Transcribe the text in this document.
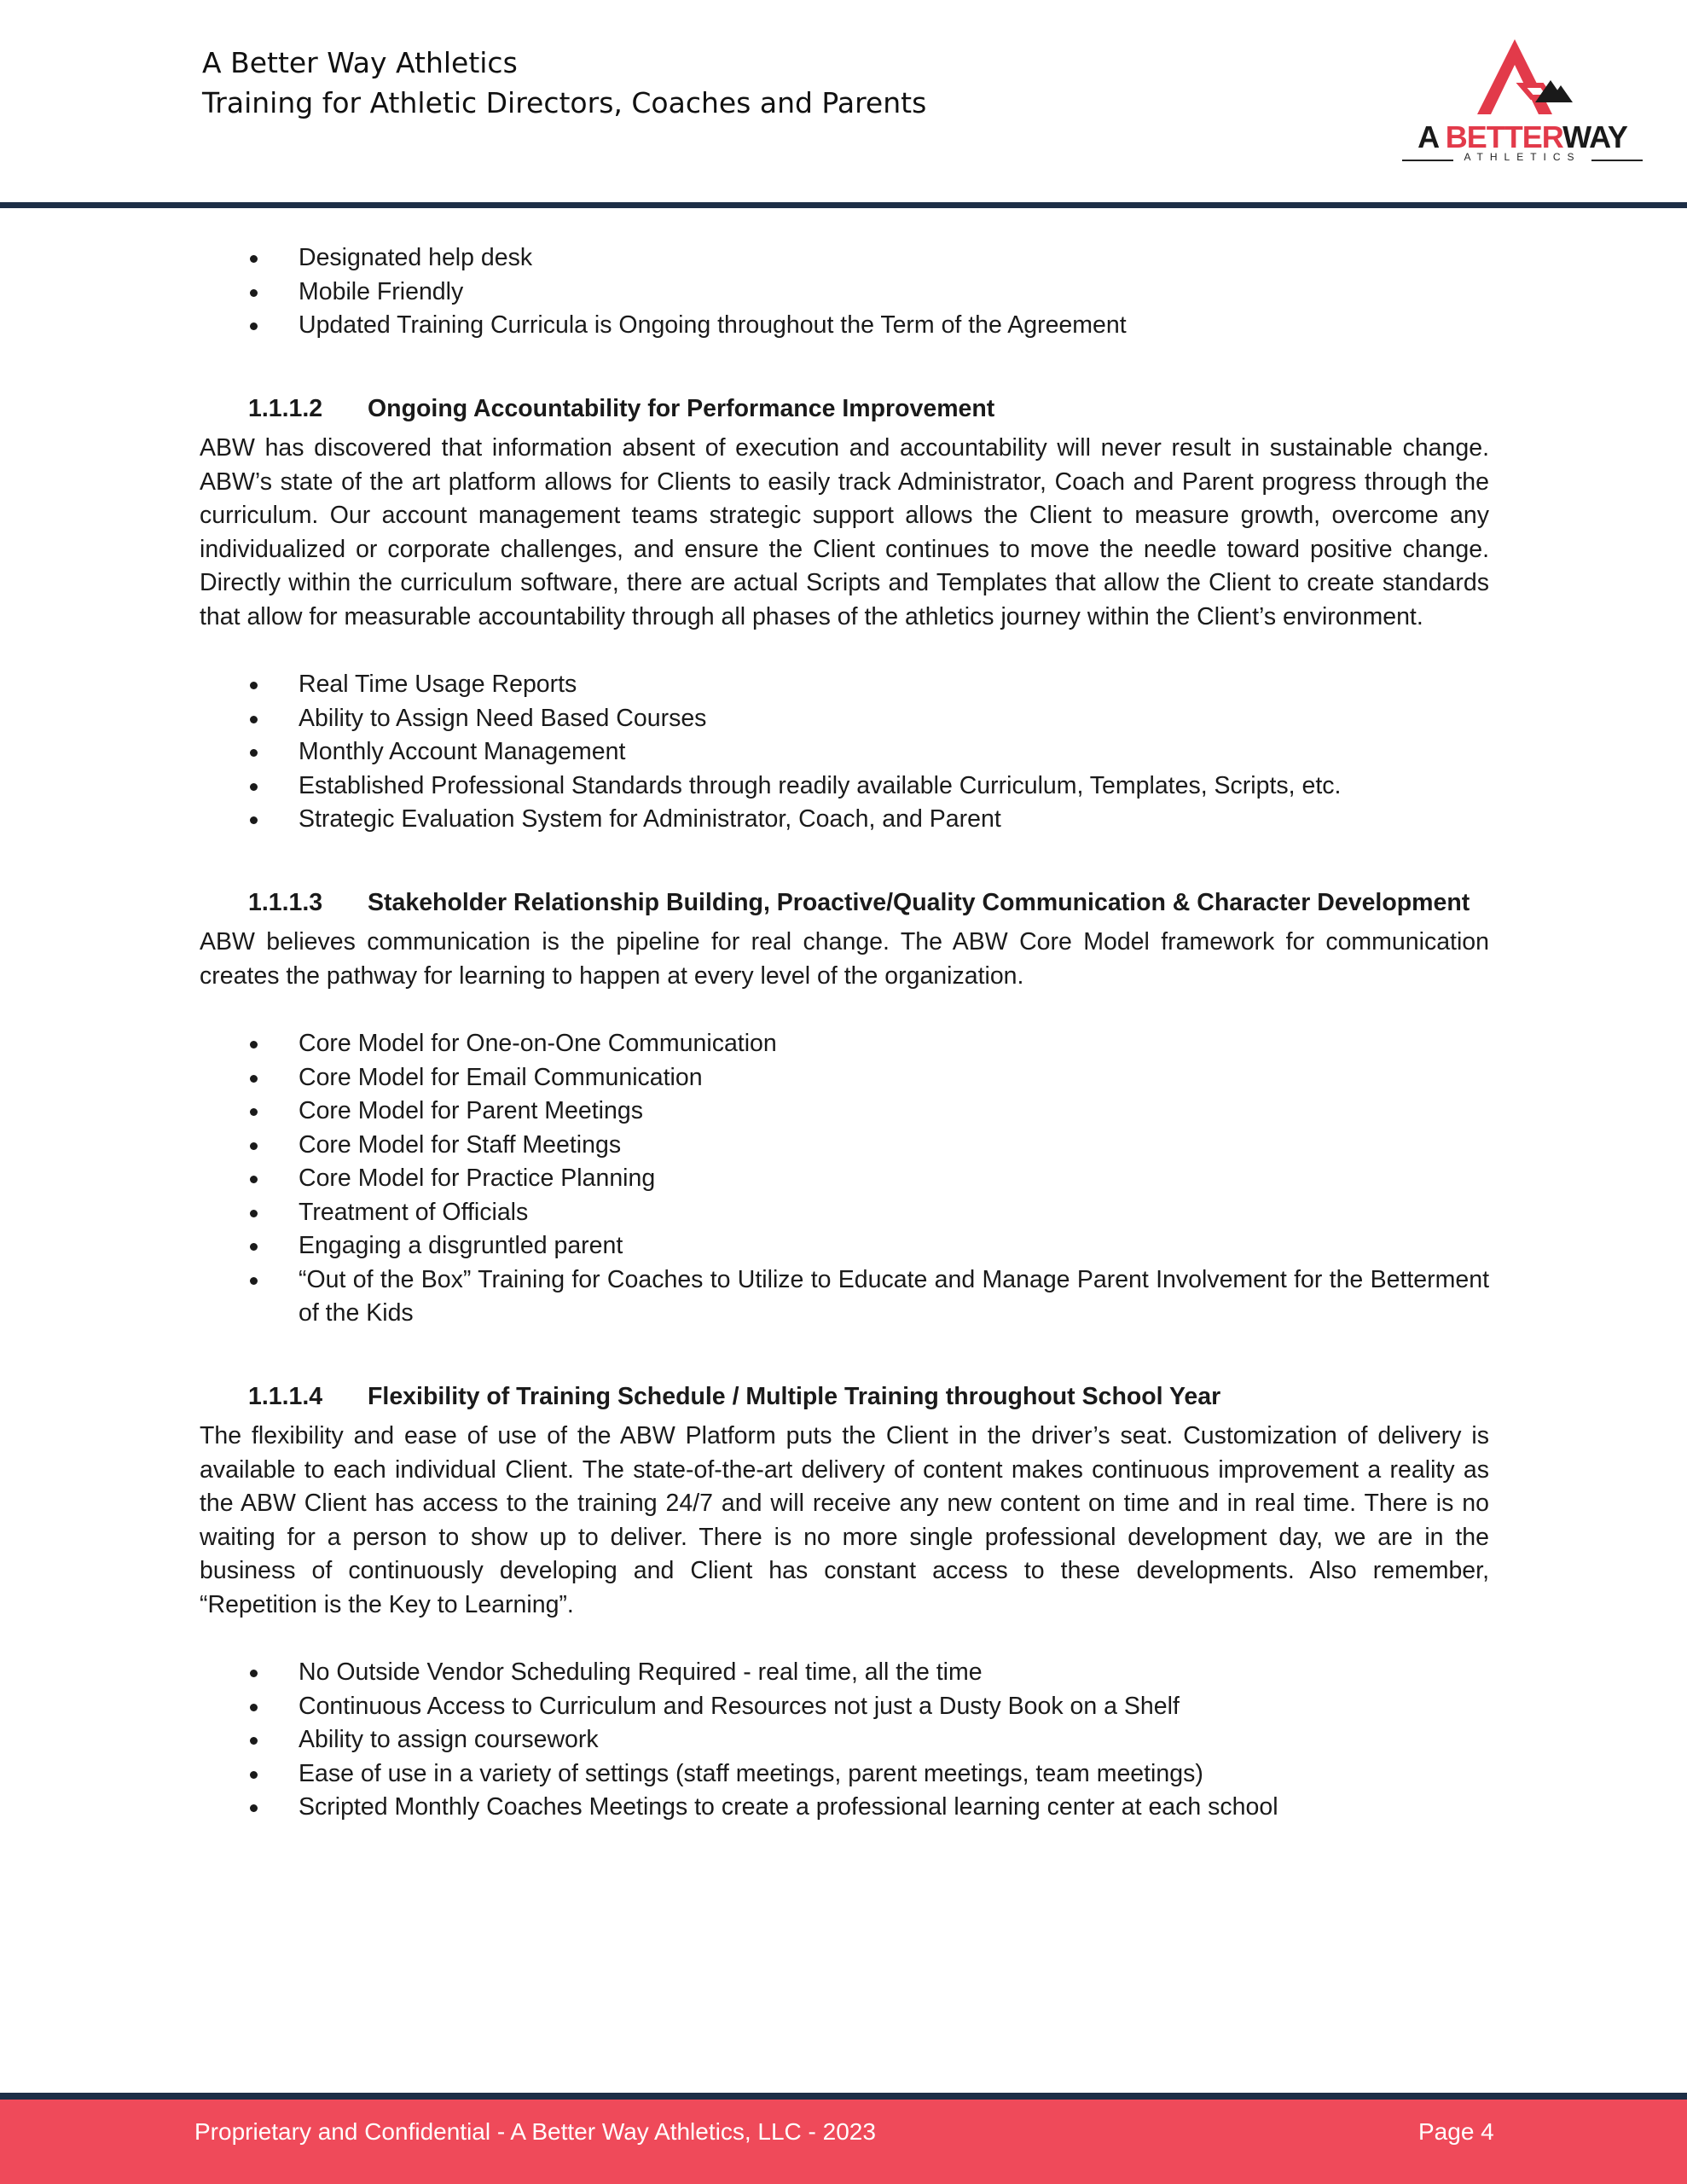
A Better Way Athletics
Training for Athletic Directors, Coaches and Parents
A BETTERWAY
ATHLETICS
Designated help desk
Mobile Friendly
Updated Training Curricula is Ongoing throughout the Term of the Agreement
1.1.1.2 Ongoing Accountability for Performance Improvement

ABW has discovered that information absent of execution and accountability will never result in sustainable change. ABW’s state of the art platform allows for Clients to easily track Administrator, Coach and Parent progress through the curriculum. Our account management teams strategic support allows the Client to measure growth, overcome any individualized or corporate challenges, and ensure the Client continues to move the needle toward positive change. Directly within the curriculum software, there are actual Scripts and Templates that allow the Client to create standards that allow for measurable accountability through all phases of the athletics journey within the Client’s environment.

Real Time Usage Reports
Ability to Assign Need Based Courses
Monthly Account Management
Established Professional Standards through readily available Curriculum, Templates, Scripts, etc.
Strategic Evaluation System for Administrator, Coach, and Parent
1.1.1.3 Stakeholder Relationship Building, Proactive/Quality Communication & Character Development

ABW believes communication is the pipeline for real change. The ABW Core Model framework for communication creates the pathway for learning to happen at every level of the organization.

Core Model for One-on-One Communication
Core Model for Email Communication
Core Model for Parent Meetings
Core Model for Staff Meetings
Core Model for Practice Planning
Treatment of Officials
Engaging a disgruntled parent
“Out of the Box” Training for Coaches to Utilize to Educate and Manage Parent Involvement for the Betterment of the Kids
1.1.1.4 Flexibility of Training Schedule / Multiple Training throughout School Year

The flexibility and ease of use of the ABW Platform puts the Client in the driver’s seat. Customization of delivery is available to each individual Client. The state-of-the-art delivery of content makes continuous improvement a reality as the ABW Client has access to the training 24/7 and will receive any new content on time and in real time. There is no waiting for a person to show up to deliver. There is no more single professional development day, we are in the business of continuously developing and Client has constant access to these developments. Also remember, “Repetition is the Key to Learning”.

No Outside Vendor Scheduling Required - real time, all the time
Continuous Access to Curriculum and Resources not just a Dusty Book on a Shelf
Ability to assign coursework
Ease of use in a variety of settings (staff meetings, parent meetings, team meetings)
Scripted Monthly Coaches Meetings to create a professional learning center at each school
Proprietary and Confidential - A Better Way Athletics, LLC - 2023	Page 4
